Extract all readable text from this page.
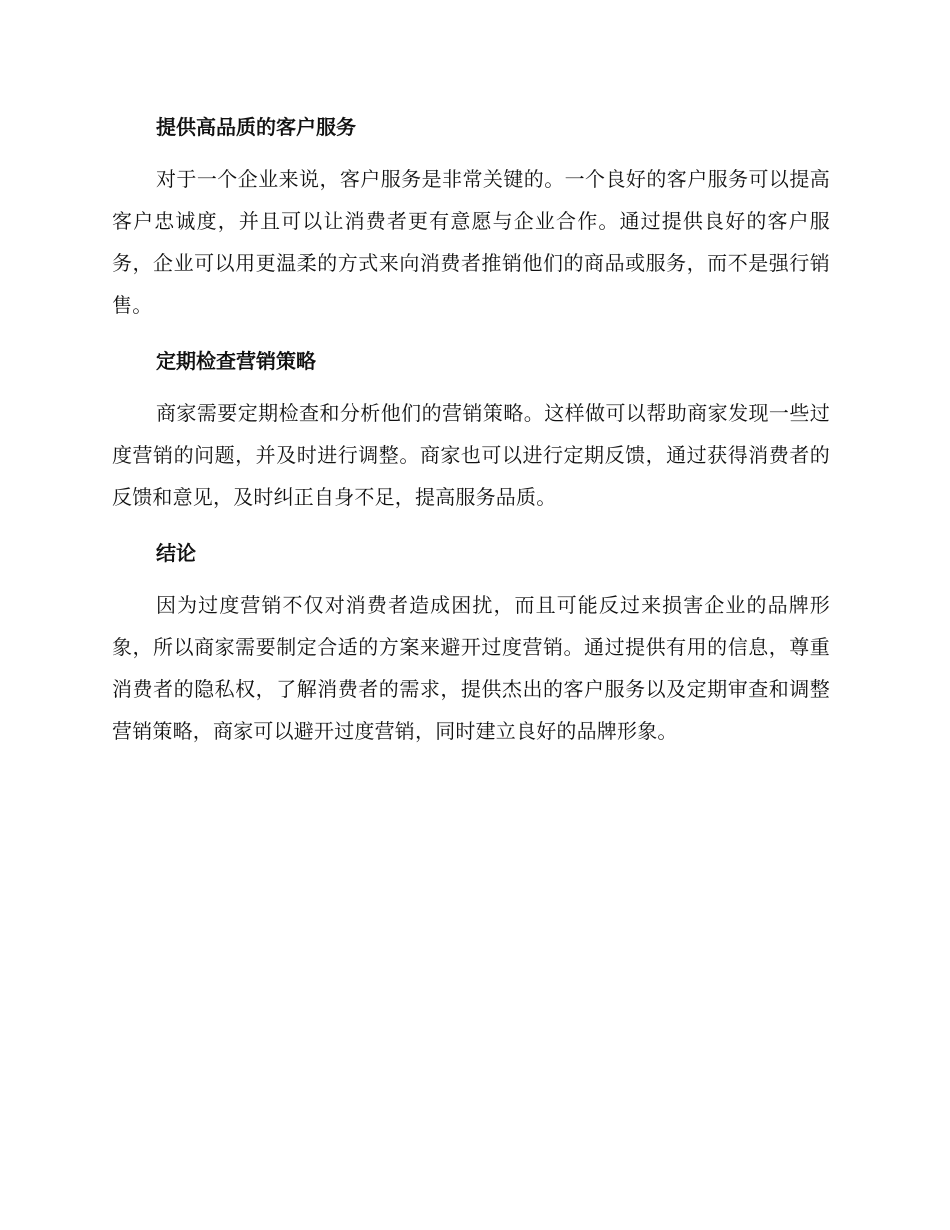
提供高品质的客户服务

对于一个企业来说，客户服务是非常关键的。一个良好的客户服务可以提高客户忠诚度，并且可以让消费者更有意愿与企业合作。通过提供良好的客户服务，企业可以用更温柔的方式来向消费者推销他们的商品或服务，而不是强行销售。

定期检查营销策略

商家需要定期检查和分析他们的营销策略。这样做可以帮助商家发现一些过度营销的问题，并及时进行调整。商家也可以进行定期反馈，通过获得消费者的反馈和意见，及时纠正自身不足，提高服务品质。

结论

因为过度营销不仅对消费者造成困扰，而且可能反过来损害企业的品牌形象，所以商家需要制定合适的方案来避开过度营销。通过提供有用的信息，尊重消费者的隐私权，了解消费者的需求，提供杰出的客户服务以及定期审查和调整营销策略，商家可以避开过度营销，同时建立良好的品牌形象。
